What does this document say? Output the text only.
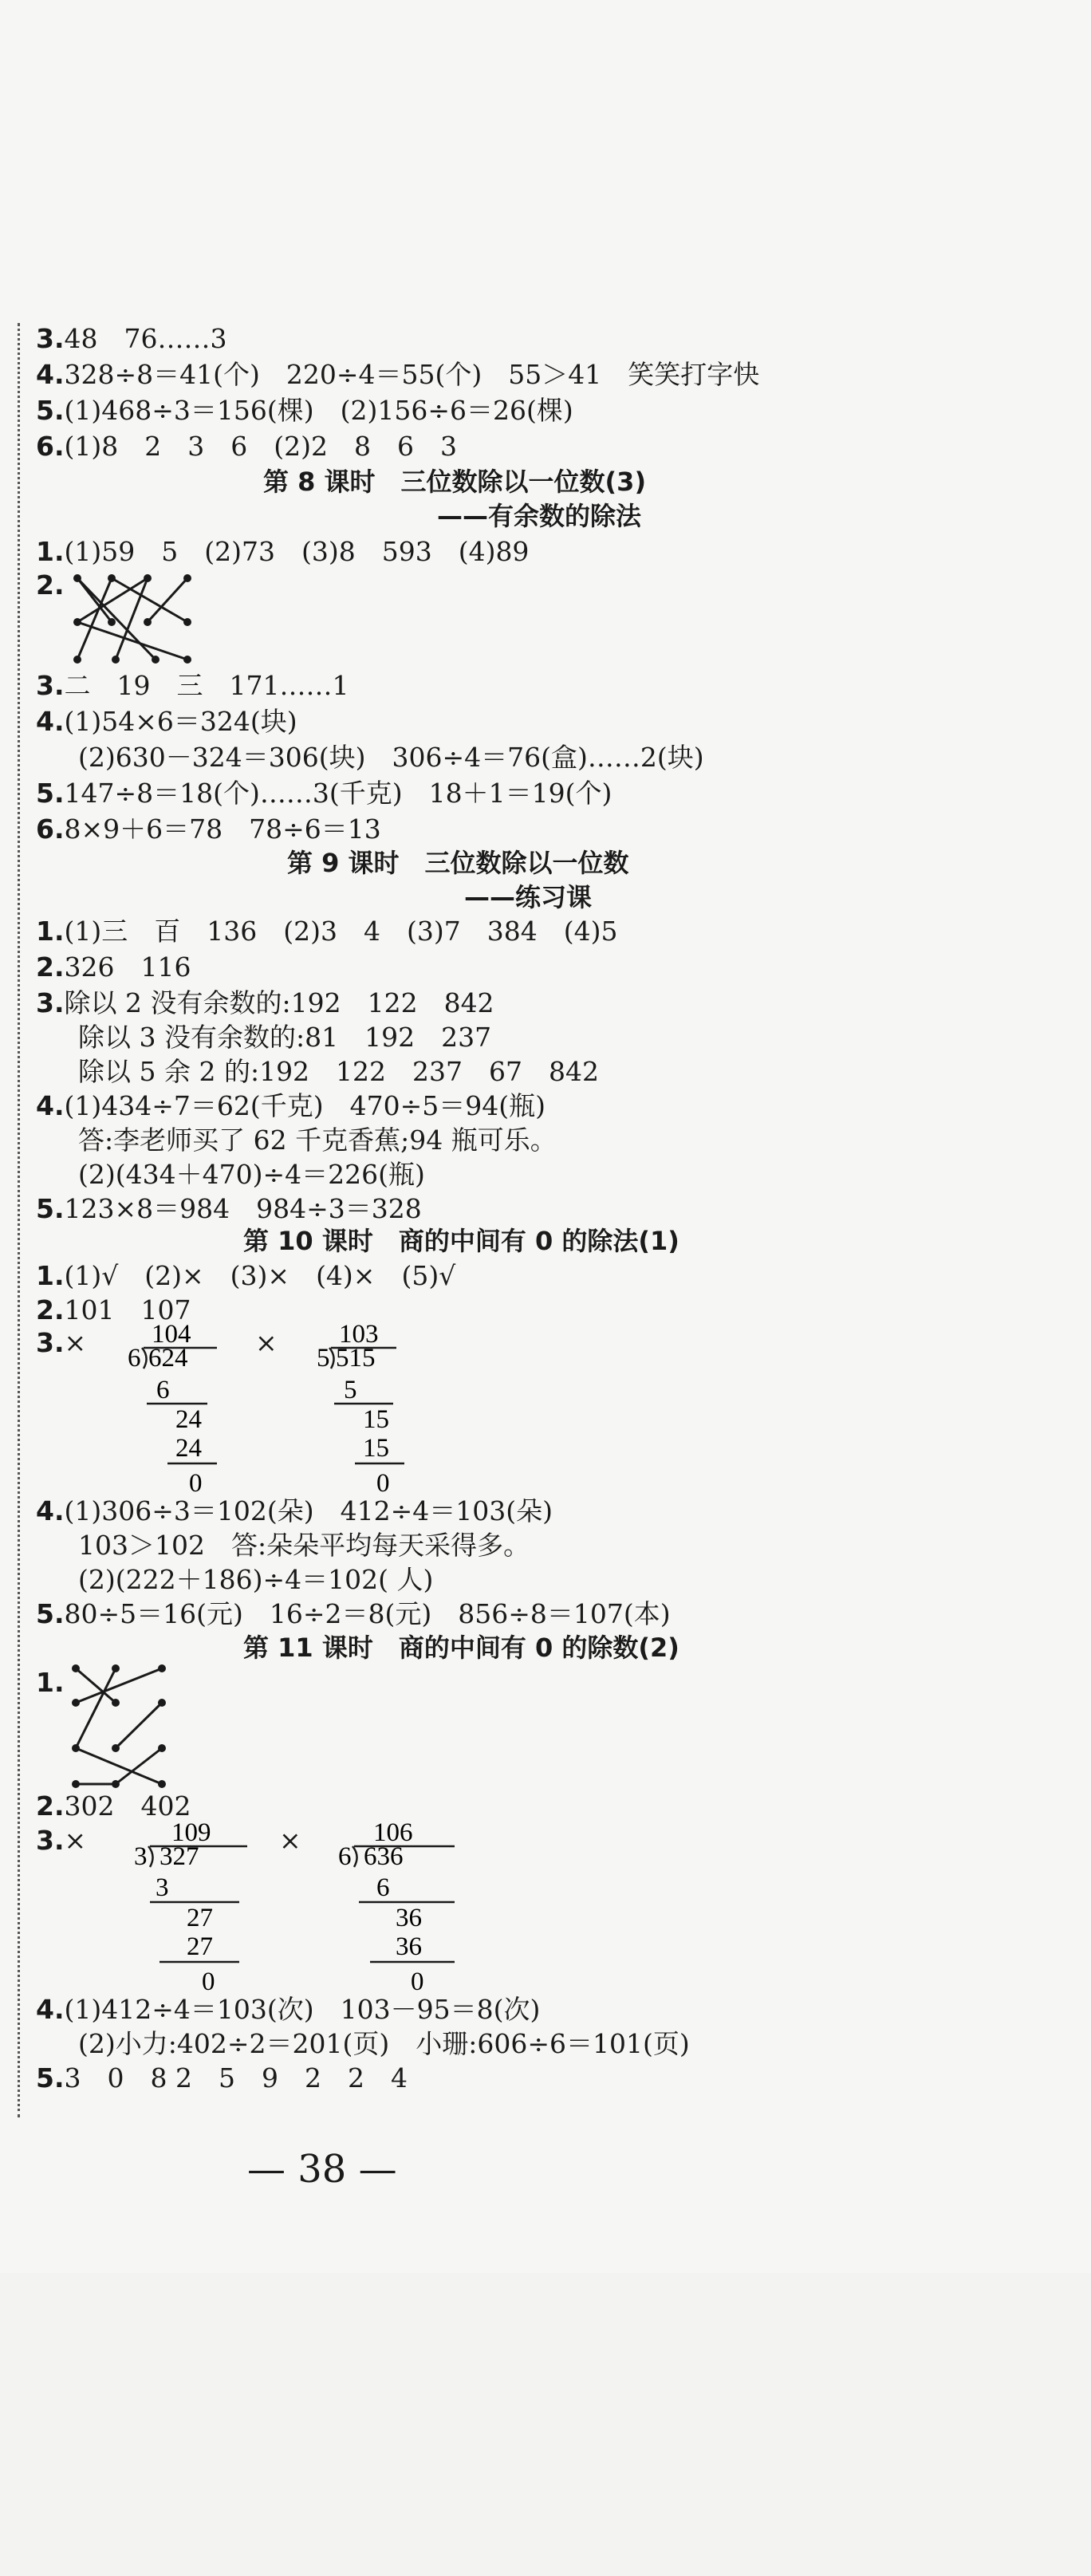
3.48　76……3
4.328÷8＝41(个)　220÷4＝55(个)　55＞41　笑笑打字快
5.(1)468÷3＝156(棵)　(2)156÷6＝26(棵)
6.(1)8　2　3　6　(2)2　8　6　3
第 8 课时　三位数除以一位数(3)
——有余数的除法
1.(1)59　5　(2)73　(3)8　593　(4)89
2.
3.二　19　三　171……1
4.(1)54×6＝324(块)
(2)630－324＝306(块)　306÷4＝76(盒)……2(块)
5.147÷8＝18(个)……3(千克)　18＋1＝19(个)
6.8×9＋6＝78　78÷6＝13
第 9 课时　三位数除以一位数
——练习课
1.(1)三　百　136　(2)3　4　(3)7　384　(4)5
2.326　116
3.除以 2 没有余数的:192　122　842
除以 3 没有余数的:81　192　237
除以 5 余 2 的:192　122　237　67　842
4.(1)434÷7＝62(千克)　470÷5＝94(瓶)
答:李老师买了 62 千克香蕉;94 瓶可乐。
(2)(434＋470)÷4＝226(瓶)
5.123×8＝984　984÷3＝328
第 10 课时　商的中间有 0 的除法(1)
1.(1)√　(2)×　(3)×　(4)×　(5)√
2.101　107
3.× 104
6 624
6
24
24
0
× 103
5 515
5
15
15
0
4.(1)306÷3＝102(朵)　412÷4＝103(朵)
103＞102　答:朵朵平均每天采得多。
(2)(222＋186)÷4＝102( 人)
5.80÷5＝16(元)　16÷2＝8(元)　856÷8＝107(本)
第 11 课时　商的中间有 0 的除数(2)
1.
2.302　402
3.×	109
3 327
3
27
27
0
×	106
6 636
6
36
36
0
4.(1)412÷4＝103(次)　103－95＝8(次)
(2)小力:402÷2＝201(页)　小珊:606÷6＝101(页)
5.3　0　8 2　5　9　2　2　4
— 38 —
